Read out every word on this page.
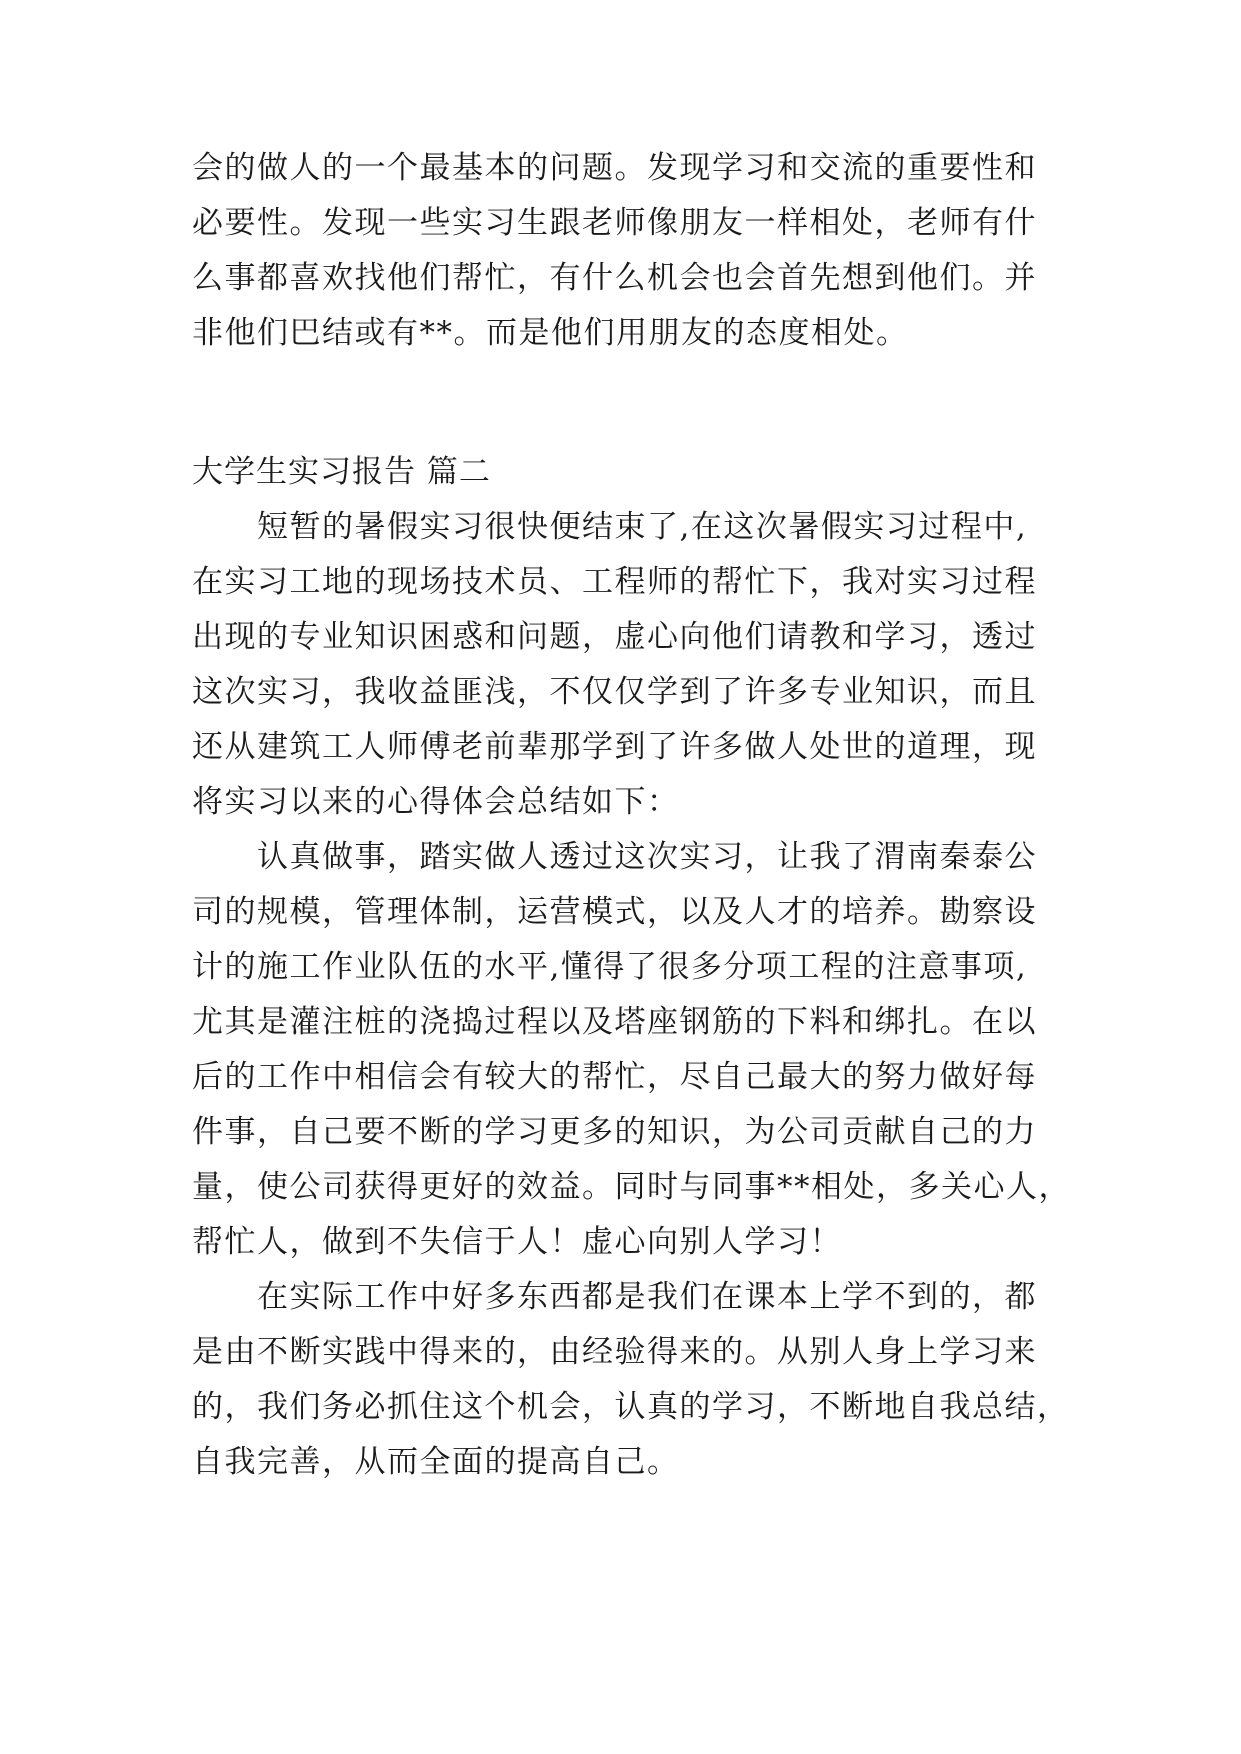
会的做人的一个最基本的问题。发现学习和交流的重要性和
必要性。发现一些实习生跟老师像朋友一样相处，老师有什
么事都喜欢找他们帮忙，有什么机会也会首先想到他们。并
非他们巴结或有**。而是他们用朋友的态度相处。
大学生实习报告 篇二
　　短暂的暑假实习很快便结束了,在这次暑假实习过程中,
在实习工地的现场技术员、工程师的帮忙下，我对实习过程
出现的专业知识困惑和问题，虚心向他们请教和学习，透过
这次实习，我收益匪浅，不仅仅学到了许多专业知识，而且
还从建筑工人师傅老前辈那学到了许多做人处世的道理，现
将实习以来的心得体会总结如下：
　　认真做事，踏实做人透过这次实习，让我了渭南秦泰公
司的规模，管理体制，运营模式，以及人才的培养。勘察设
计的施工作业队伍的水平,懂得了很多分项工程的注意事项,
尤其是灌注桩的浇捣过程以及塔座钢筋的下料和绑扎。在以
后的工作中相信会有较大的帮忙，尽自己最大的努力做好每
件事，自己要不断的学习更多的知识，为公司贡献自己的力
量，使公司获得更好的效益。同时与同事**相处，多关心人，
帮忙人，做到不失信于人！虚心向别人学习！
　　在实际工作中好多东西都是我们在课本上学不到的，都
是由不断实践中得来的，由经验得来的。从别人身上学习来
的，我们务必抓住这个机会，认真的学习，不断地自我总结，
自我完善，从而全面的提高自己。
